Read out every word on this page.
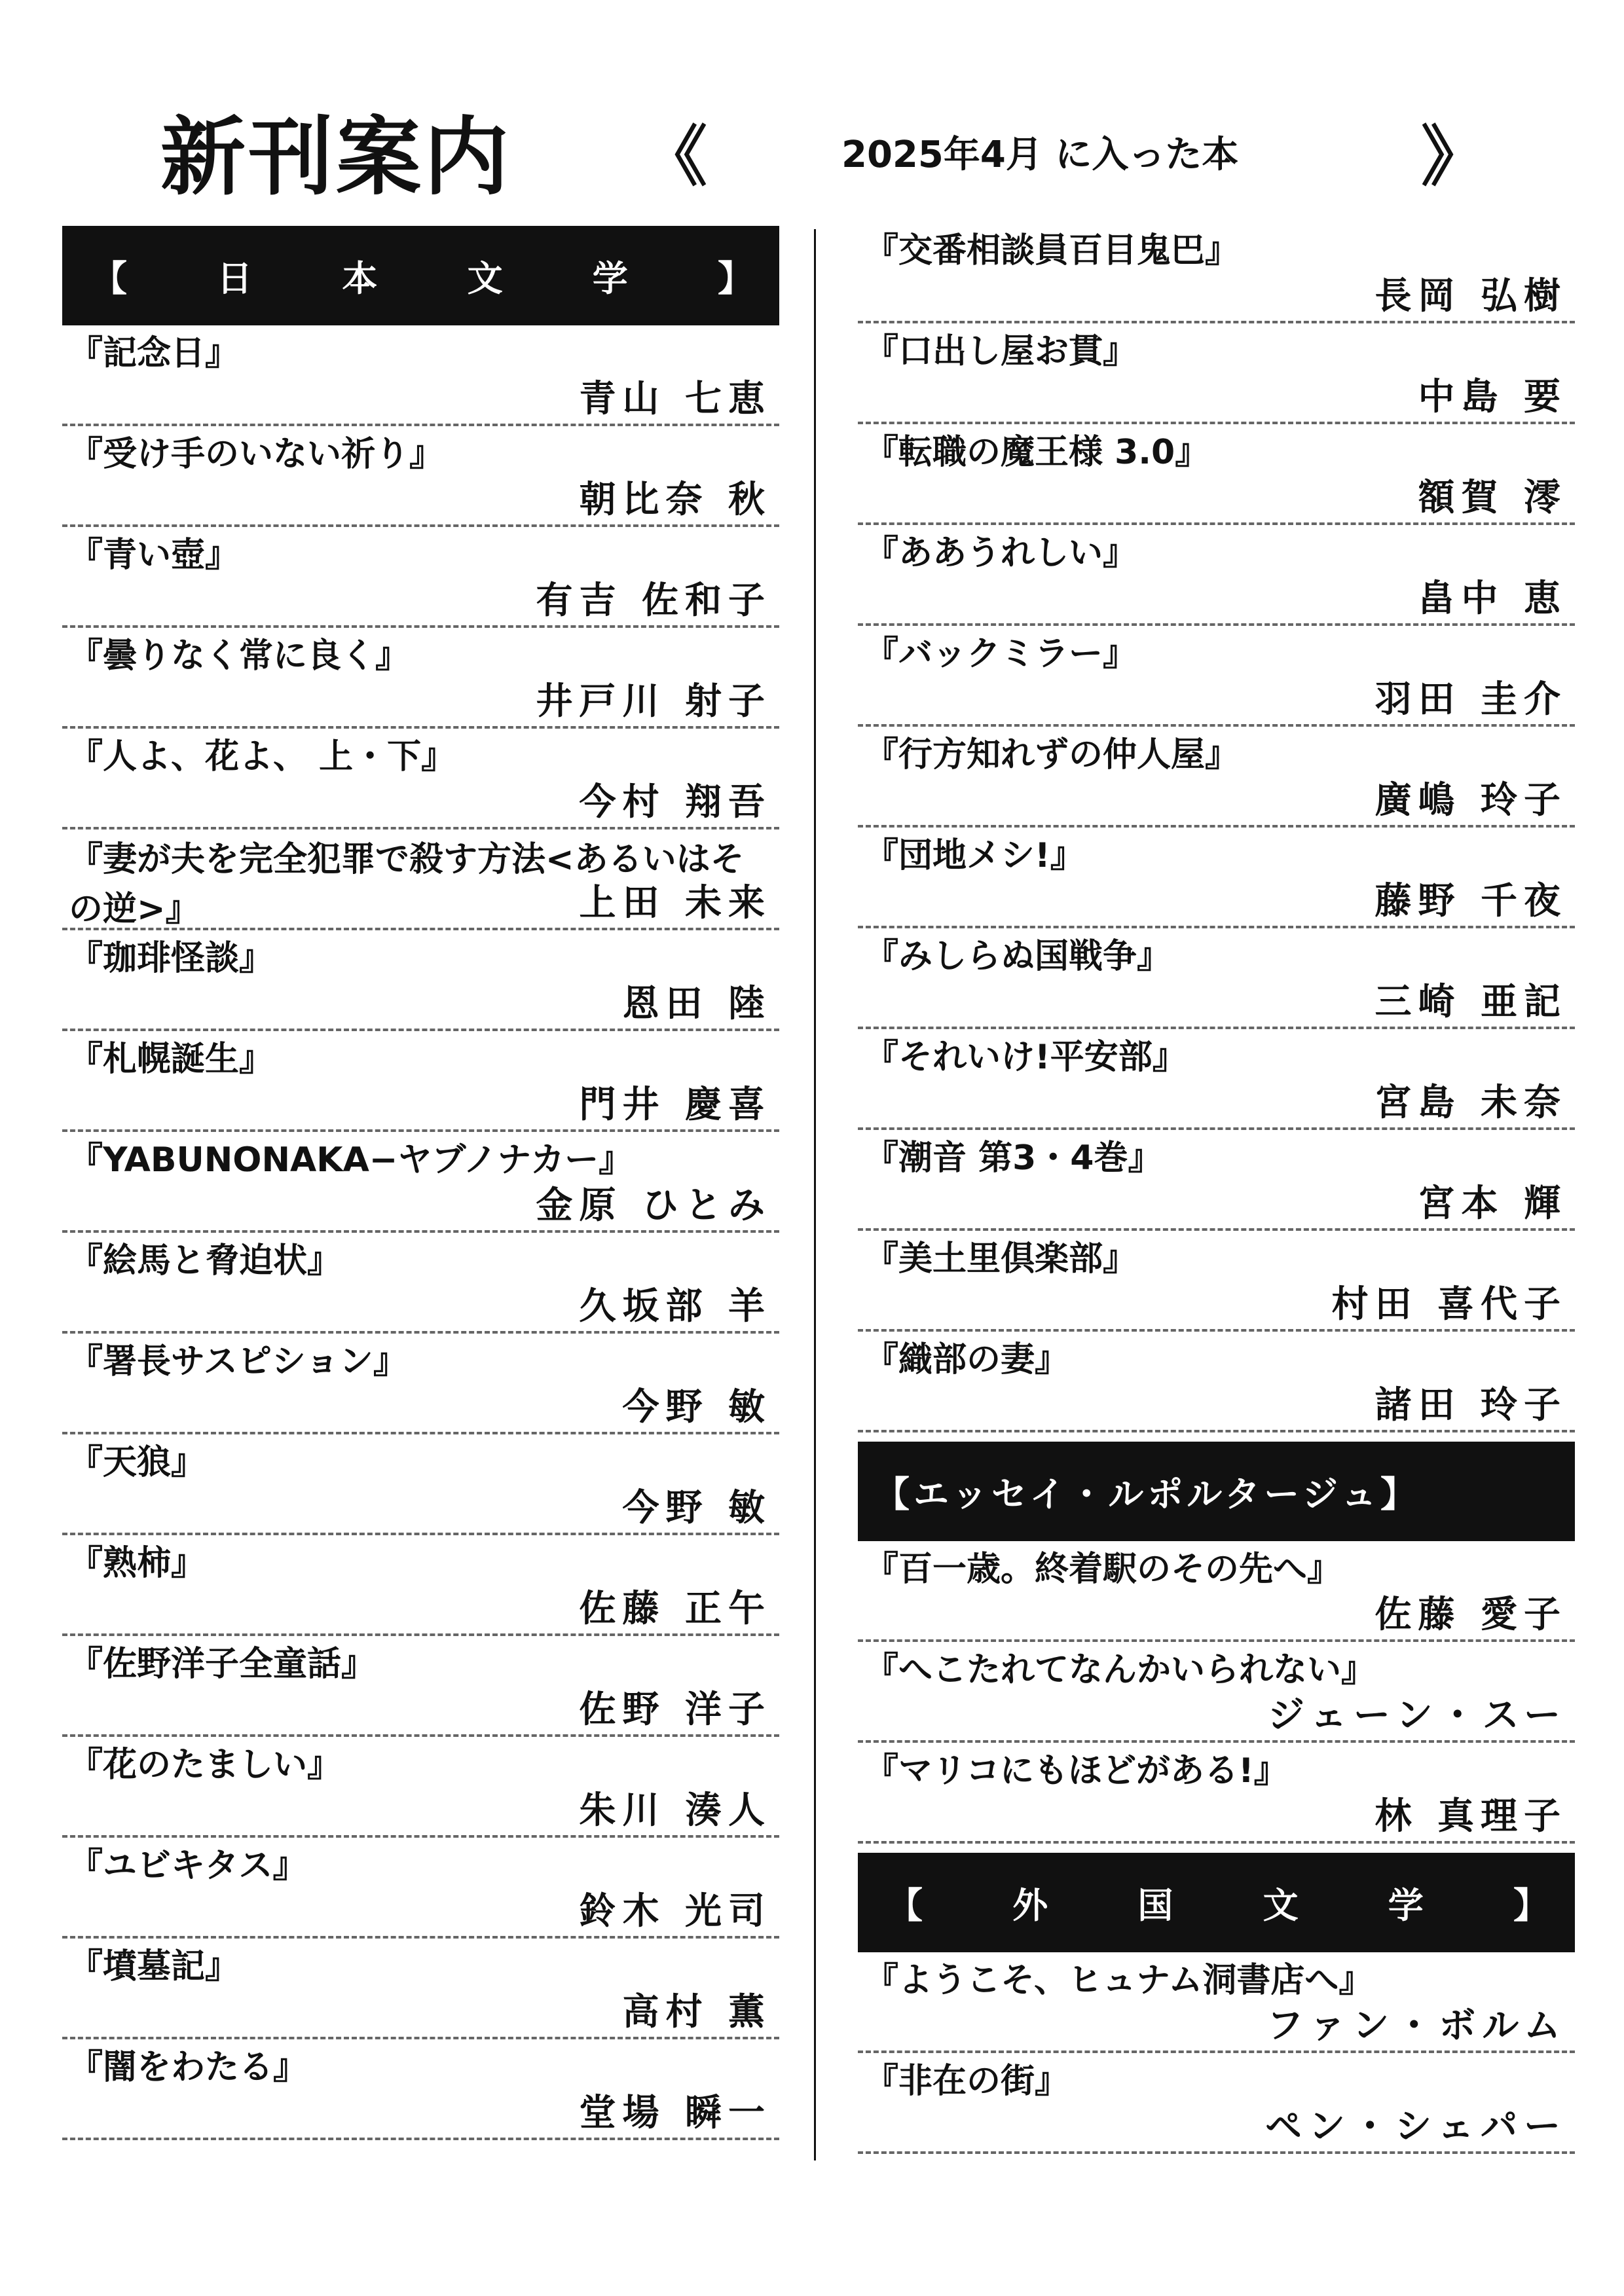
新刊案内 《	2025年4月 に入った本	》
【	日	本	文	学	】
『記念日』
青山 七恵
『受け手のいない祈り』
朝比奈 秋
『青い壺』
有吉 佐和子
『曇りなく常に良く』
井戸川 射子
『人よ、花よ、 上・下』
今村 翔吾
『妻が夫を完全犯罪で殺す方法<あるいはその逆>』	上田 未来
『珈琲怪談』
恩田 陸
『札幌誕生』
門井 慶喜
『YABUNONAKA−ヤブノナカー』
金原 ひとみ
『絵馬と脅迫状』
久坂部 羊
『署長サスピション』
今野 敏
『天狼』
今野 敏
『熟柿』
佐藤 正午
『佐野洋子全童話』
佐野 洋子
『花のたましい』
朱川 湊人
『ユビキタス』
鈴木 光司
『墳墓記』
高村 薫
『闇をわたる』
堂場 瞬一
『交番相談員百目鬼巴』
長岡 弘樹
『口出し屋お貫』
中島 要
『転職の魔王様 3.0』
額賀 澪
『ああうれしい』
畠中 恵
『バックミラー』
羽田 圭介
『行方知れずの仲人屋』
廣嶋 玲子
『団地メシ!』
藤野 千夜
『みしらぬ国戦争』
三崎 亜記
『それいけ!平安部』
宮島 未奈
『潮音 第3・4巻』
宮本 輝
『美土里倶楽部』
村田 喜代子
『織部の妻』
諸田 玲子
【エッセイ・ルポルタージュ】
『百一歳。終着駅のその先へ』
佐藤 愛子
『へこたれてなんかいられない』
ジェーン・スー
『マリコにもほどがある!』
林 真理子
【	外	国	文	学	】
『ようこそ、ヒュナム洞書店へ』
ファン・ボルム
『非在の街』
ペン・シェパー
